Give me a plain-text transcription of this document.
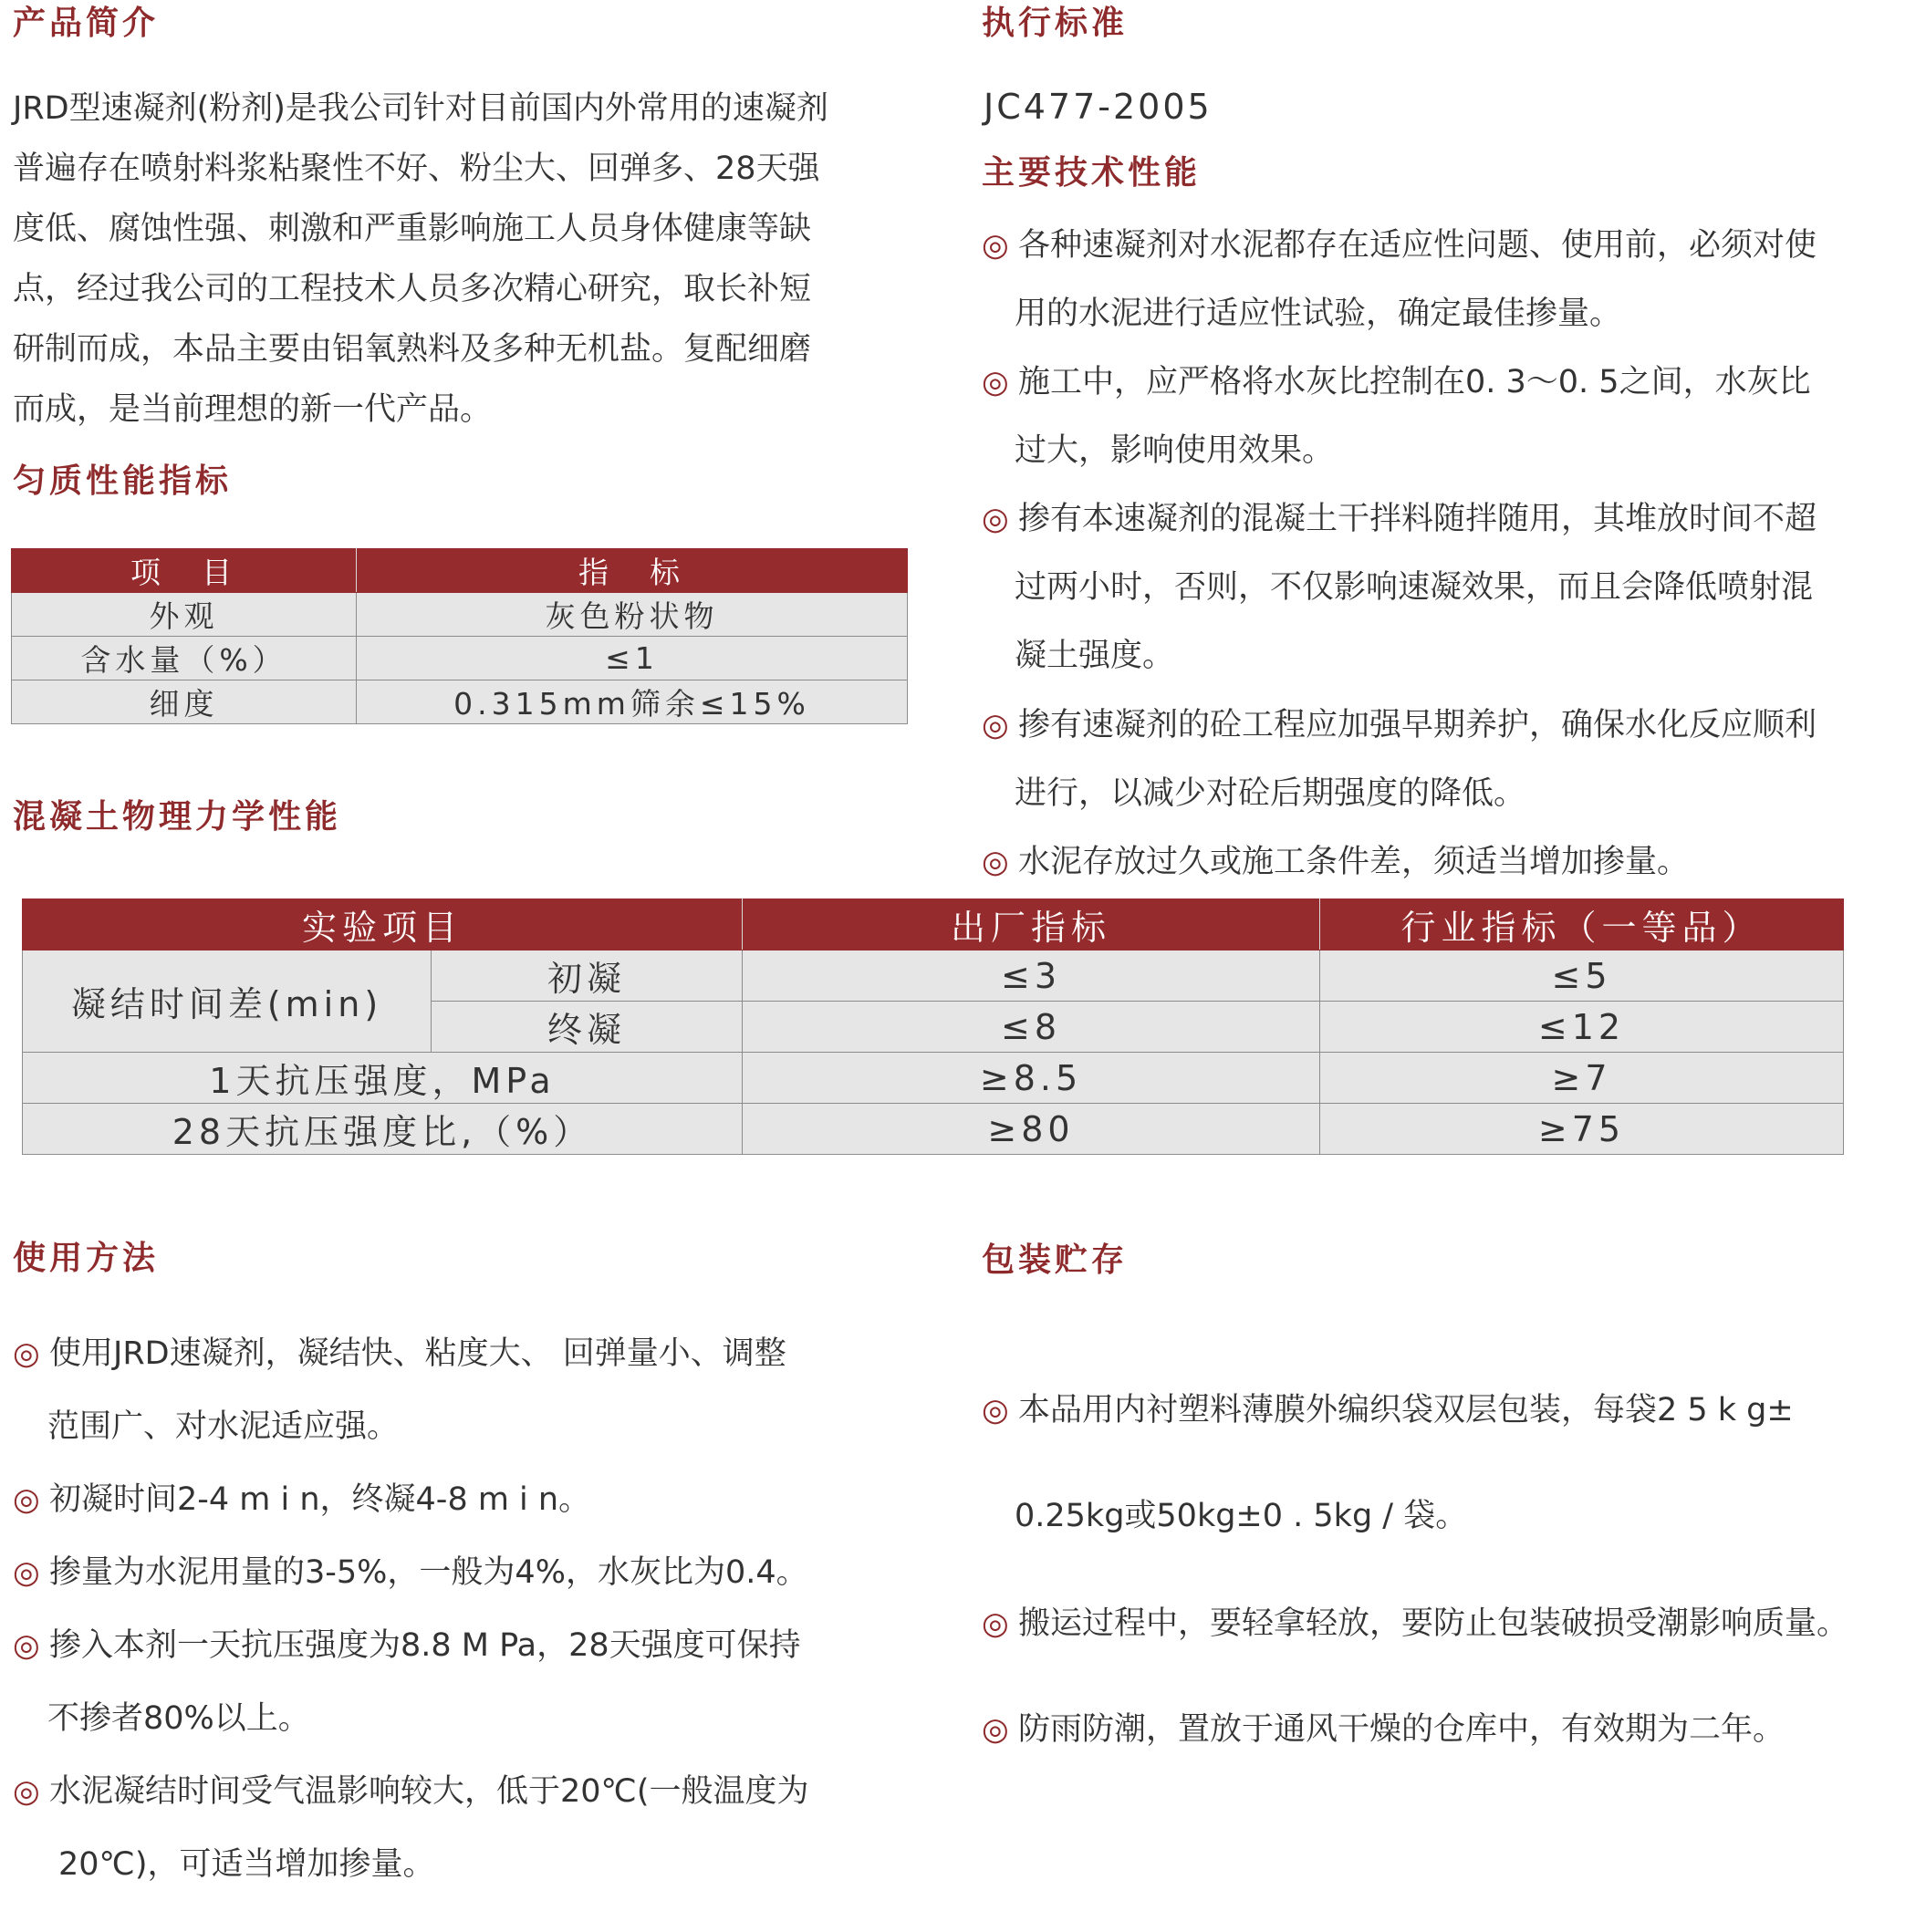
产品简介
JRD型速凝剂(粉剂)是我公司针对目前国内外常用的速凝剂
普遍存在喷射料浆粘聚性不好、粉尘大、回弹多、28天强
度低、腐蚀性强、刺激和严重影响施工人员身体健康等缺
点，经过我公司的工程技术人员多次精心研究，取长补短
研制而成，本品主要由铝氧熟料及多种无机盐。复配细磨
而成，是当前理想的新一代产品。
匀质性能指标
项　目	指　标
外观	灰色粉状物
含水量（%）	≤1
细度	0.315mm筛余≤15%
混凝土物理力学性能
实验项目		出厂指标	行业指标（一等品）
凝结时间差(min)	初凝	≤3	≤5
	终凝	≤8	≤12
1天抗压强度，MPa		≥8.5	≥7
28天抗压强度比,（%）		≥80	≥75
执行标准
JC477-2005
主要技术性能
◎ 各种速凝剂对水泥都存在适应性问题、使用前，必须对使
用的水泥进行适应性试验，确定最佳掺量。
◎ 施工中，应严格将水灰比控制在0. 3～0. 5之间，水灰比
过大，影响使用效果。
◎ 掺有本速凝剂的混凝土干拌料随拌随用，其堆放时间不超
过两小时，否则，不仅影响速凝效果，而且会降低喷射混
凝土强度。
◎ 掺有速凝剂的砼工程应加强早期养护，确保水化反应顺利
进行，以减少对砼后期强度的降低。
◎ 水泥存放过久或施工条件差，须适当增加掺量。
使用方法
◎ 使用JRD速凝剂，凝结快、粘度大、 回弹量小、调整
范围广、对水泥适应强。
◎ 初凝时间2-4 m i n，终凝4-8 m i n。
◎ 掺量为水泥用量的3-5%，一般为4%，水灰比为0.4。
◎ 掺入本剂一天抗压强度为8.8 M Pa，28天强度可保持
不掺者80%以上。
◎ 水泥凝结时间受气温影响较大，低于20℃(一般温度为
20℃)，可适当增加掺量。
包装贮存
◎ 本品用内衬塑料薄膜外编织袋双层包装，每袋2 5 k g±
0.25kg或50kg±0 . 5kg / 袋。
◎ 搬运过程中，要轻拿轻放，要防止包装破损受潮影响质量。
◎ 防雨防潮，置放于通风干燥的仓库中，有效期为二年。
